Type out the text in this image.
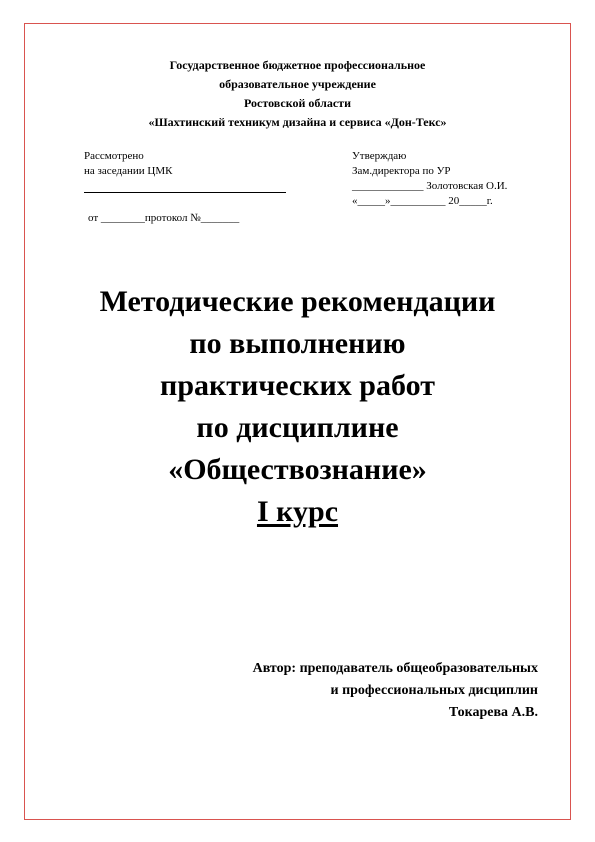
Государственное бюджетное профессиональное
образовательное учреждение
Ростовской области
«Шахтинский техникум дизайна и сервиса «Дон-Текс»
Рассмотрено
на заседании ЦМК
от ________протокол №_______
Утверждаю
Зам.директора по УР
_____________ Золотовская О.И.
«_____»__________ 20_____г.
Методические рекомендации
по выполнению
практических работ
по дисциплине
«Обществознание»
I курс
Автор: преподаватель общеобразовательных
и профессиональных дисциплин
Токарева А.В.
